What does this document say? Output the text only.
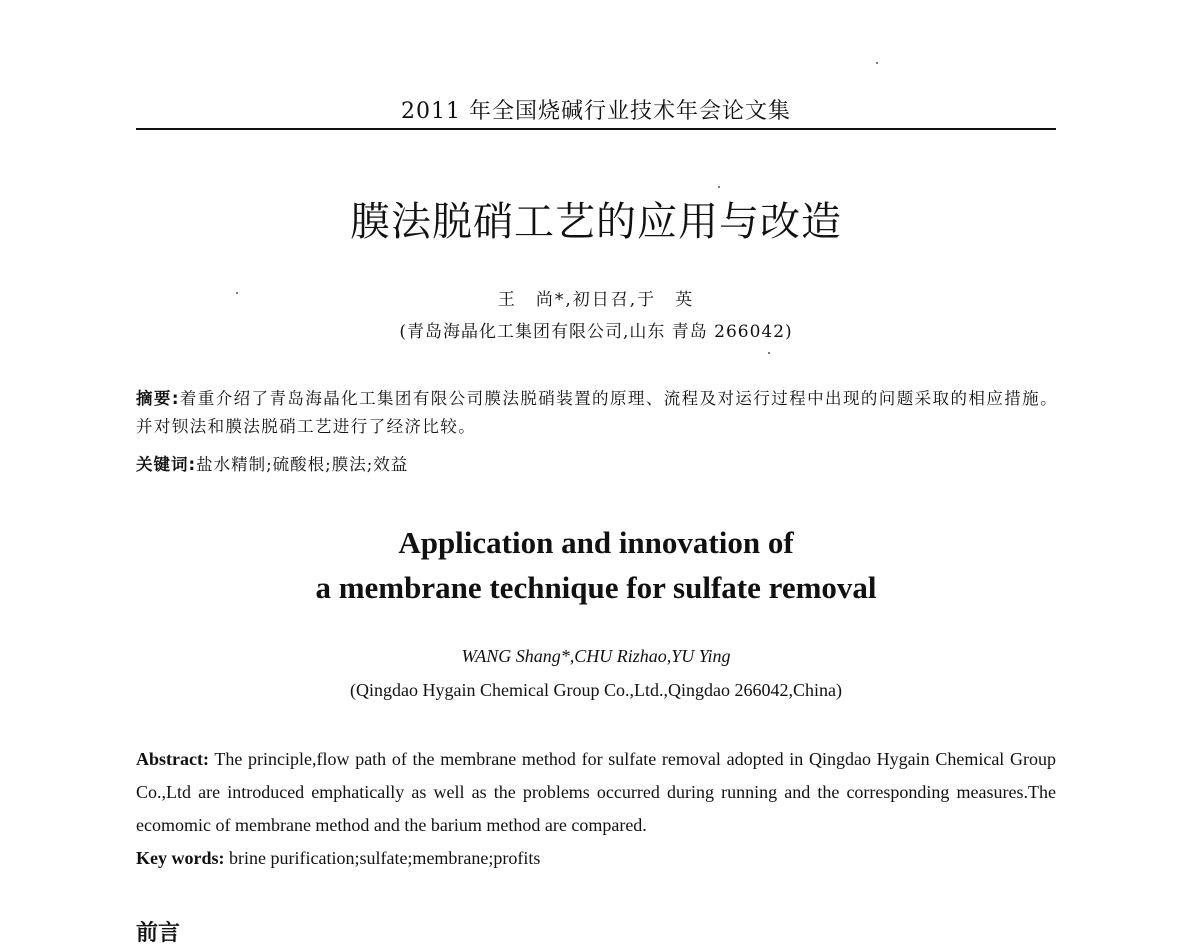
2011 年全国烧碱行业技术年会论文集
膜法脱硝工艺的应用与改造
王　尚*,初日召,于　英
(青岛海晶化工集团有限公司,山东 青岛 266042)
摘要:着重介绍了青岛海晶化工集团有限公司膜法脱硝装置的原理、流程及对运行过程中出现的问题采取的相应措施。并对钡法和膜法脱硝工艺进行了经济比较。
关键词:盐水精制;硫酸根;膜法;效益
Application and innovation of
a membrane technique for sulfate removal
WANG Shang*,CHU Rizhao,YU Ying
(Qingdao Hygain Chemical Group Co.,Ltd.,Qingdao 266042,China)
Abstract: The principle,flow path of the membrane method for sulfate removal adopted in Qingdao Hygain Chemical Group Co.,Ltd are introduced emphatically as well as the problems occurred during running and the corresponding measures.The ecomomic of membrane method and the barium method are compared.
Key words: brine purification;sulfate;membrane;profits
前言
